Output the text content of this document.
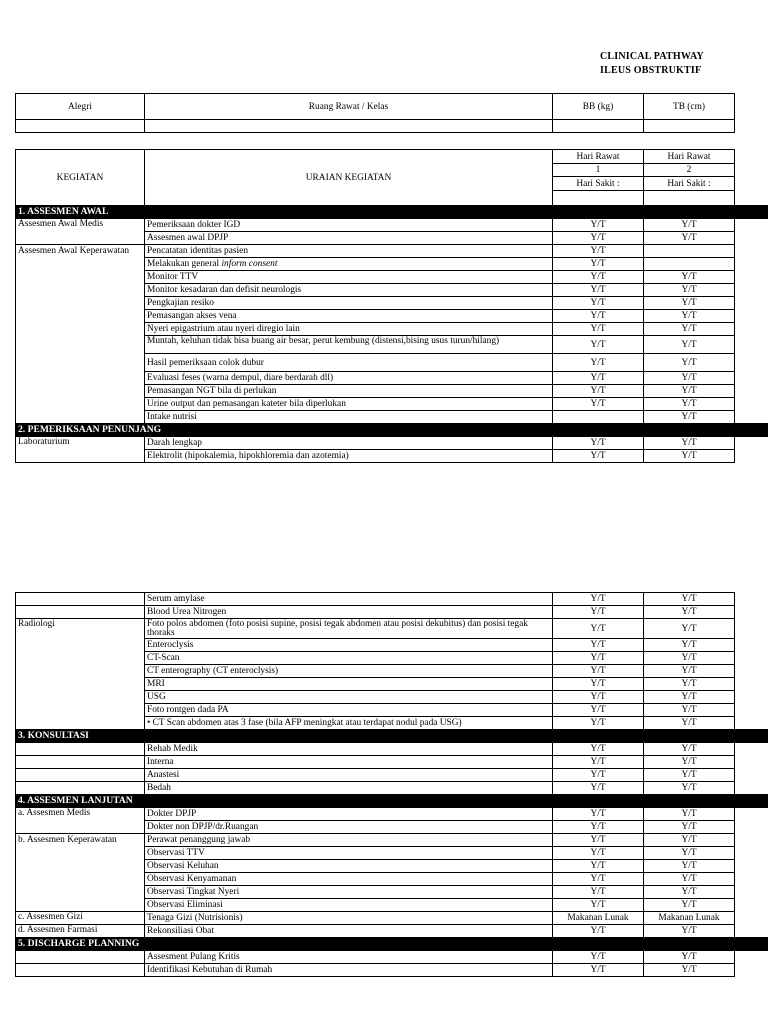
CLINICAL PATHWAY
ILEUS OBSTRUKTIF
Alegri	Ruang Rawat / Kelas	BB (kg)	TB (cm)

KEGIATAN	URAIAN KEGIATAN	Hari Rawat	Hari Rawat	
		1	2	
		Hari Sakit :	Hari Sakit :	

1. ASSESMEN AWAL				
Assesmen Awal Medis	Pemeriksaan dokter IGD	Y/T	Y/T	
	Assesmen awal DPJP	Y/T	Y/T	
Assesmen Awal Keperawatan	Pencatatan identitas pasien	Y/T		
	Melakukan general inform consent	Y/T		
	Monitor TTV	Y/T	Y/T	
	Monitor kesadaran dan defisit neurologis	Y/T	Y/T	
	Pengkajian resiko	Y/T	Y/T	
	Pemasangan akses vena	Y/T	Y/T	
	Nyeri epigastrium atau nyeri diregio lain	Y/T	Y/T	
	Muntah, keluhan tidak bisa buang air besar, perut kembung (distensi,bising usus turun/hilang)	Y/T	Y/T	
	Hasil pemeriksaan colok dubur	Y/T	Y/T	
	Evaluasi feses (warna dempul, diare berdarah dll)	Y/T	Y/T	
	Pemasangan NGT bila di perlukan	Y/T	Y/T	
	Urine output dan pemasangan kateter bila diperlukan	Y/T	Y/T	
	Intake nutrisi		Y/T	
2. PEMERIKSAAN PENUNJANG				
Laboraturium	Darah lengkap	Y/T	Y/T	
	Elektrolit (hipokalemia, hipokhloremia dan azotemia)	Y/T	Y/T	
	Serum amylase	Y/T	Y/T	
	Blood Urea Nitrogen	Y/T	Y/T	
Radiologi	Foto polos abdomen (foto posisi supine, posisi tegak abdomen atau posisi dekubitus) dan posisi tegak thoraks	Y/T	Y/T	
	Enteroclysis	Y/T	Y/T	
	CT-Scan	Y/T	Y/T	
	CT enterography (CT enteroclysis)	Y/T	Y/T	
	MRI	Y/T	Y/T	
	USG	Y/T	Y/T	
	Foto rontgen dada PA	Y/T	Y/T	
	• CT Scan abdomen atas 3 fase (bila AFP meningkat atau terdapat nodul pada USG)	Y/T	Y/T	
3. KONSULTASI				
	Rehab Medik	Y/T	Y/T	
	Interna	Y/T	Y/T	
	Anastesi	Y/T	Y/T	
	Bedah	Y/T	Y/T	
4. ASSESMEN LANJUTAN				
a. Assesmen Medis	Dokter DPJP	Y/T	Y/T	
	Dokter non DPJP/dr.Ruangan	Y/T	Y/T	
b. Assesmen Keperawatan	Perawat penanggung jawab	Y/T	Y/T	
	Observasi TTV	Y/T	Y/T	
	Observasi Keluhan	Y/T	Y/T	
	Observasi Kenyamanan	Y/T	Y/T	
	Observasi Tingkat Nyeri	Y/T	Y/T	
	Observasi Eliminasi	Y/T	Y/T	
c. Assesmen Gizi	Tenaga Gizi (Nutrisionis)	Makanan Lunak	Makanan Lunak	
d. Assesmen Farmasi	Rekonsiliasi Obat	Y/T	Y/T	
5. DISCHARGE PLANNING				
	Assesment Pulang Kritis	Y/T	Y/T	
	Identifikasi Kebutuhan di Rumah	Y/T	Y/T	
